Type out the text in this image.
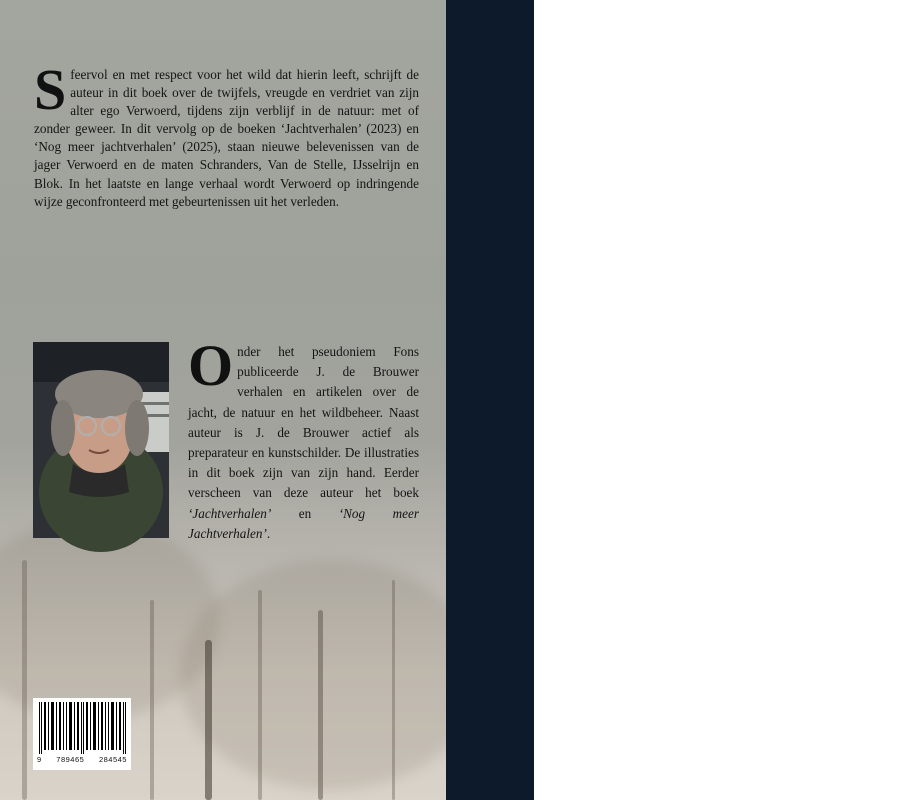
Sfeervol en met respect voor het wild dat hierin leeft, schrijft de auteur in dit boek over de twijfels, vreugde en verdriet van zijn alter ego Verwoerd, tijdens zijn verblijf in de natuur: met of zonder geweer. In dit vervolg op de boeken ‘Jachtverhalen’ (2023) en ‘Nog meer jachtverhalen’ (2025), staan nieuwe belevenissen van de jager Verwoerd en de maten Schranders, Van de Stelle, IJsselrijn en Blok. In het laatste en lange verhaal wordt Verwoerd op indringende wijze geconfronteerd met gebeurtenissen uit het verleden.
Onder het pseudoniem Fons publiceerde J. de Brouwer verhalen en artikelen over de jacht, de natuur en het wildbeheer. Naast auteur is J. de Brouwer actief als preparateur en kunstschilder. De illustraties in dit boek zijn van zijn hand. Eerder verscheen van deze auteur het boek ‘Jachtverhalen’ en ‘Nog meer Jachtverhalen’.
9 789465 284545
boek•scout
